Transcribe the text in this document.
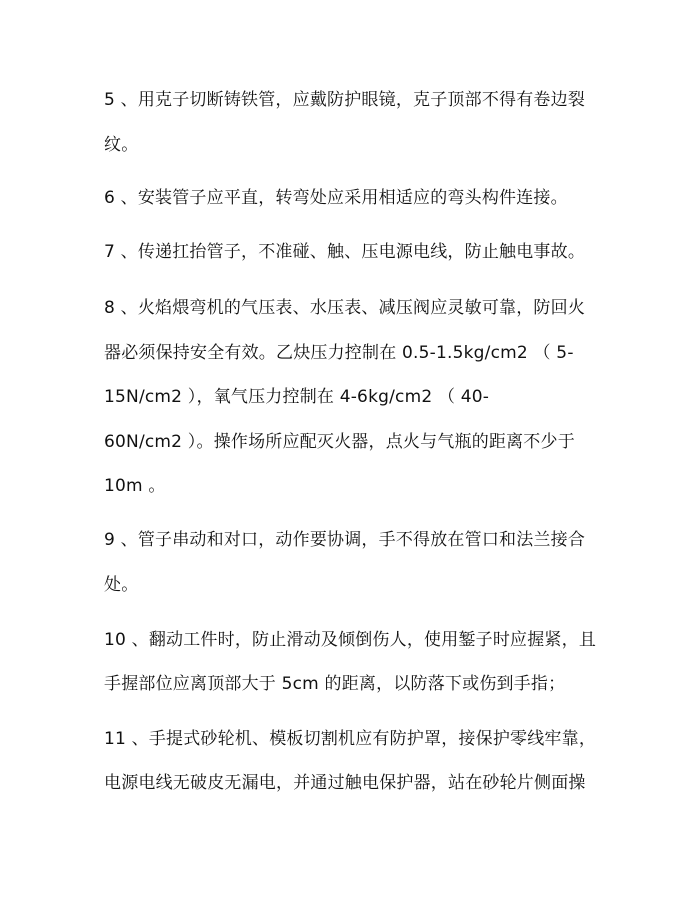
5 、用克子切断铸铁管，应戴防护眼镜，克子顶部不得有卷边裂
纹。
6 、安装管子应平直，转弯处应采用相适应的弯头构件连接。
7 、传递扛抬管子，不准碰、触、压电源电线，防止触电事故。
8 、火焰煨弯机的气压表、水压表、减压阀应灵敏可靠，防回火
器必须保持安全有效。乙炔压力控制在 0.5-1.5kg/cm2 （ 5-
15N/cm2 ），氧气压力控制在 4-6kg/cm2 （ 40-
60N/cm2 ）。操作场所应配灭火器，点火与气瓶的距离不少于
10m 。
9 、管子串动和对口，动作要协调，手不得放在管口和法兰接合
处。
10 、翻动工件时，防止滑动及倾倒伤人，使用錾子时应握紧，且
手握部位应离顶部大于 5cm 的距离，以防落下或伤到手指；
11 、手提式砂轮机、模板切割机应有防护罩，接保护零线牢靠，
电源电线无破皮无漏电，并通过触电保护器，站在砂轮片侧面操
